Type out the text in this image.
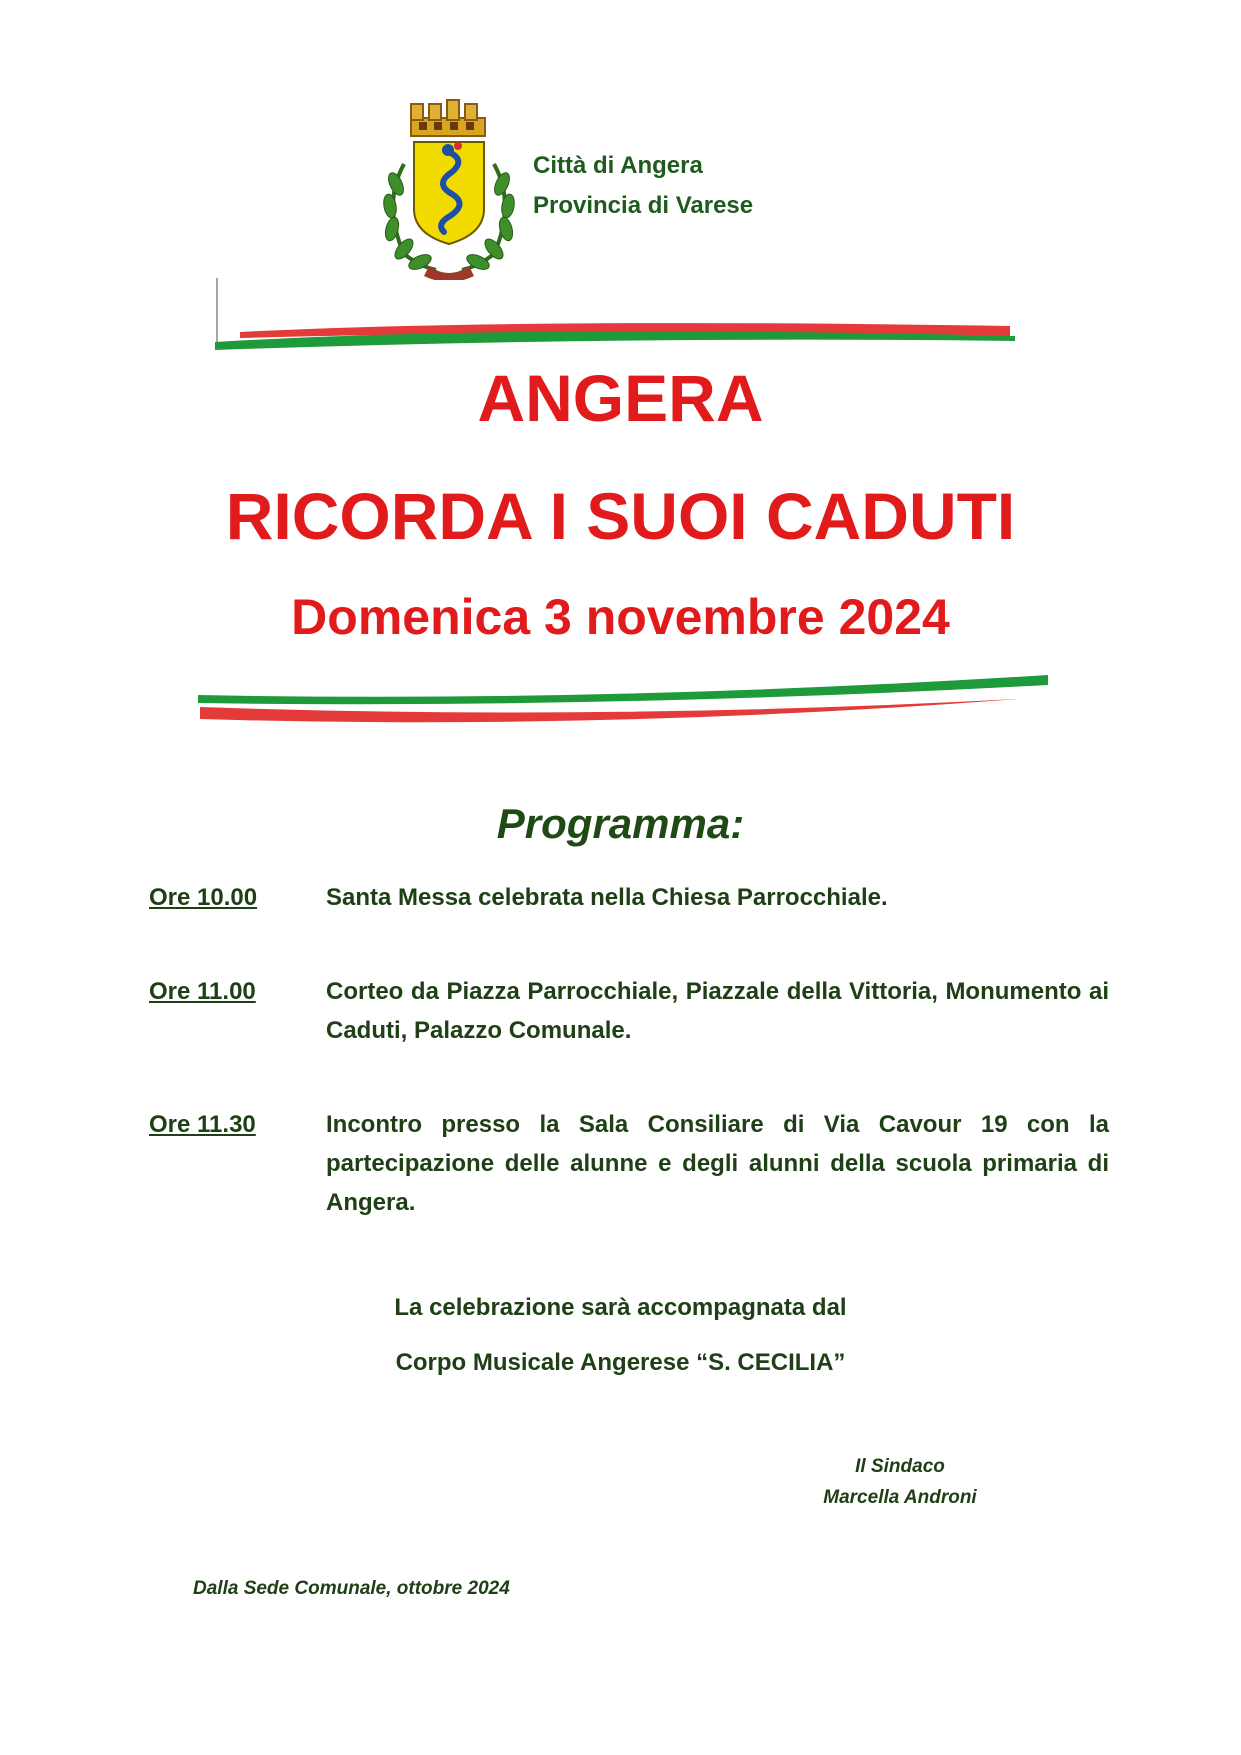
Città di Angera
Provincia di Varese
ANGERA
RICORDA I SUOI CADUTI
Domenica 3 novembre 2024
Programma:
Ore 10.00	Santa Messa celebrata nella Chiesa Parrocchiale.
Ore 11.00	Corteo da Piazza Parrocchiale, Piazzale della Vittoria, Monumento ai Caduti, Palazzo Comunale.
Ore 11.30	Incontro presso la Sala Consiliare di Via Cavour 19 con la partecipazione delle alunne e degli alunni della scuola primaria di Angera.
La celebrazione sarà accompagnata dal
Corpo Musicale Angerese “S. CECILIA”
Il Sindaco
Marcella Androni
Dalla Sede Comunale, ottobre 2024
